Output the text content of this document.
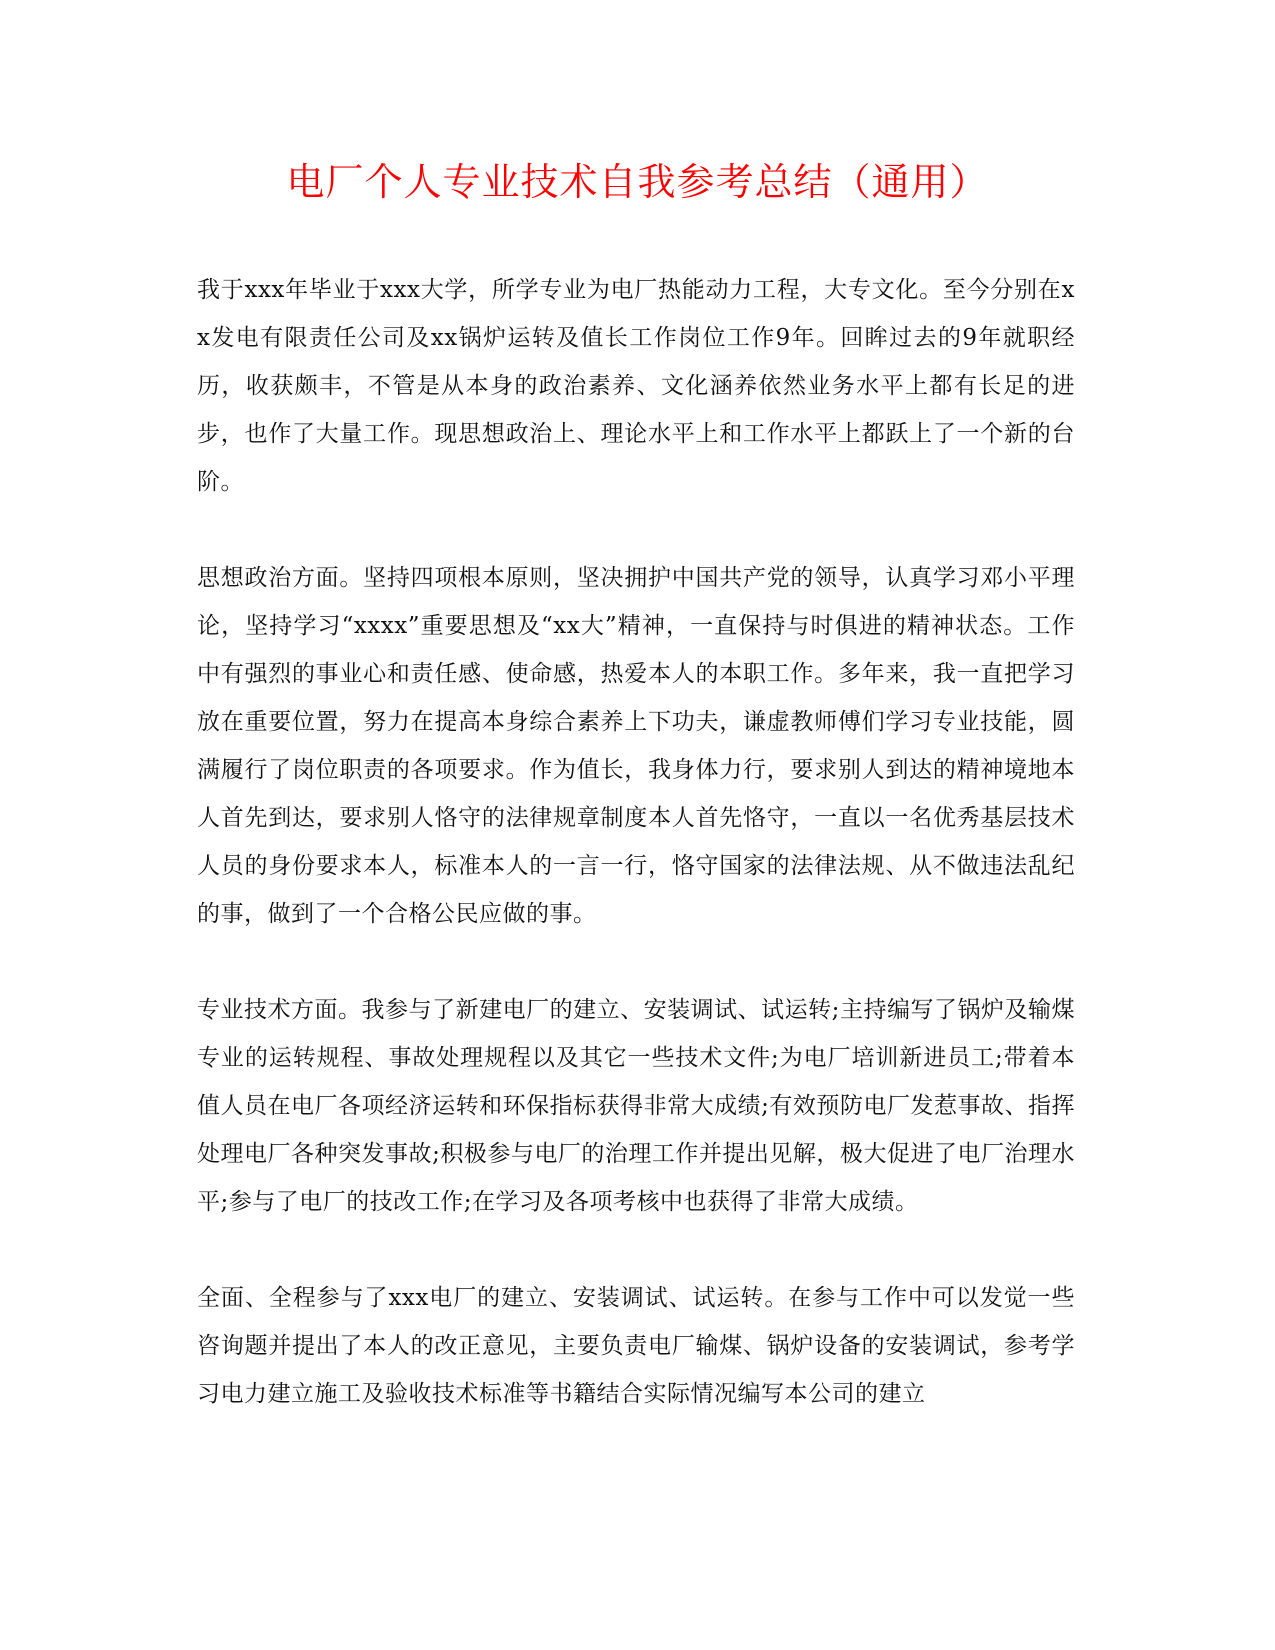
电厂个人专业技术自我参考总结（通用）

我于xxx年毕业于xxx大学，所学专业为电厂热能动力工程，大专文化。至今分别在xx发电有限责任公司及xx锅炉运转及值长工作岗位工作9年。回眸过去的9年就职经历，收获颇丰，不管是从本身的政治素养、文化涵养依然业务水平上都有长足的进步，也作了大量工作。现思想政治上、理论水平上和工作水平上都跃上了一个新的台阶。

思想政治方面。坚持四项根本原则，坚决拥护中国共产党的领导，认真学习邓小平理论，坚持学习“xxxx”重要思想及“xx大”精神，一直保持与时俱进的精神状态。工作中有强烈的事业心和责任感、使命感，热爱本人的本职工作。多年来，我一直把学习放在重要位置，努力在提高本身综合素养上下功夫，谦虚教师傅们学习专业技能，圆满履行了岗位职责的各项要求。作为值长，我身体力行，要求别人到达的精神境地本人首先到达，要求别人恪守的法律规章制度本人首先恪守，一直以一名优秀基层技术人员的身份要求本人，标准本人的一言一行，恪守国家的法律法规、从不做违法乱纪的事，做到了一个合格公民应做的事。

专业技术方面。我参与了新建电厂的建立、安装调试、试运转;主持编写了锅炉及输煤专业的运转规程、事故处理规程以及其它一些技术文件;为电厂培训新进员工;带着本值人员在电厂各项经济运转和环保指标获得非常大成绩;有效预防电厂发惹事故、指挥处理电厂各种突发事故;积极参与电厂的治理工作并提出见解，极大促进了电厂治理水平;参与了电厂的技改工作;在学习及各项考核中也获得了非常大成绩。

全面、全程参与了xxx电厂的建立、安装调试、试运转。在参与工作中可以发觉一些咨询题并提出了本人的改正意见，主要负责电厂输煤、锅炉设备的安装调试，参考学习电力建立施工及验收技术标准等书籍结合实际情况编写本公司的建立
